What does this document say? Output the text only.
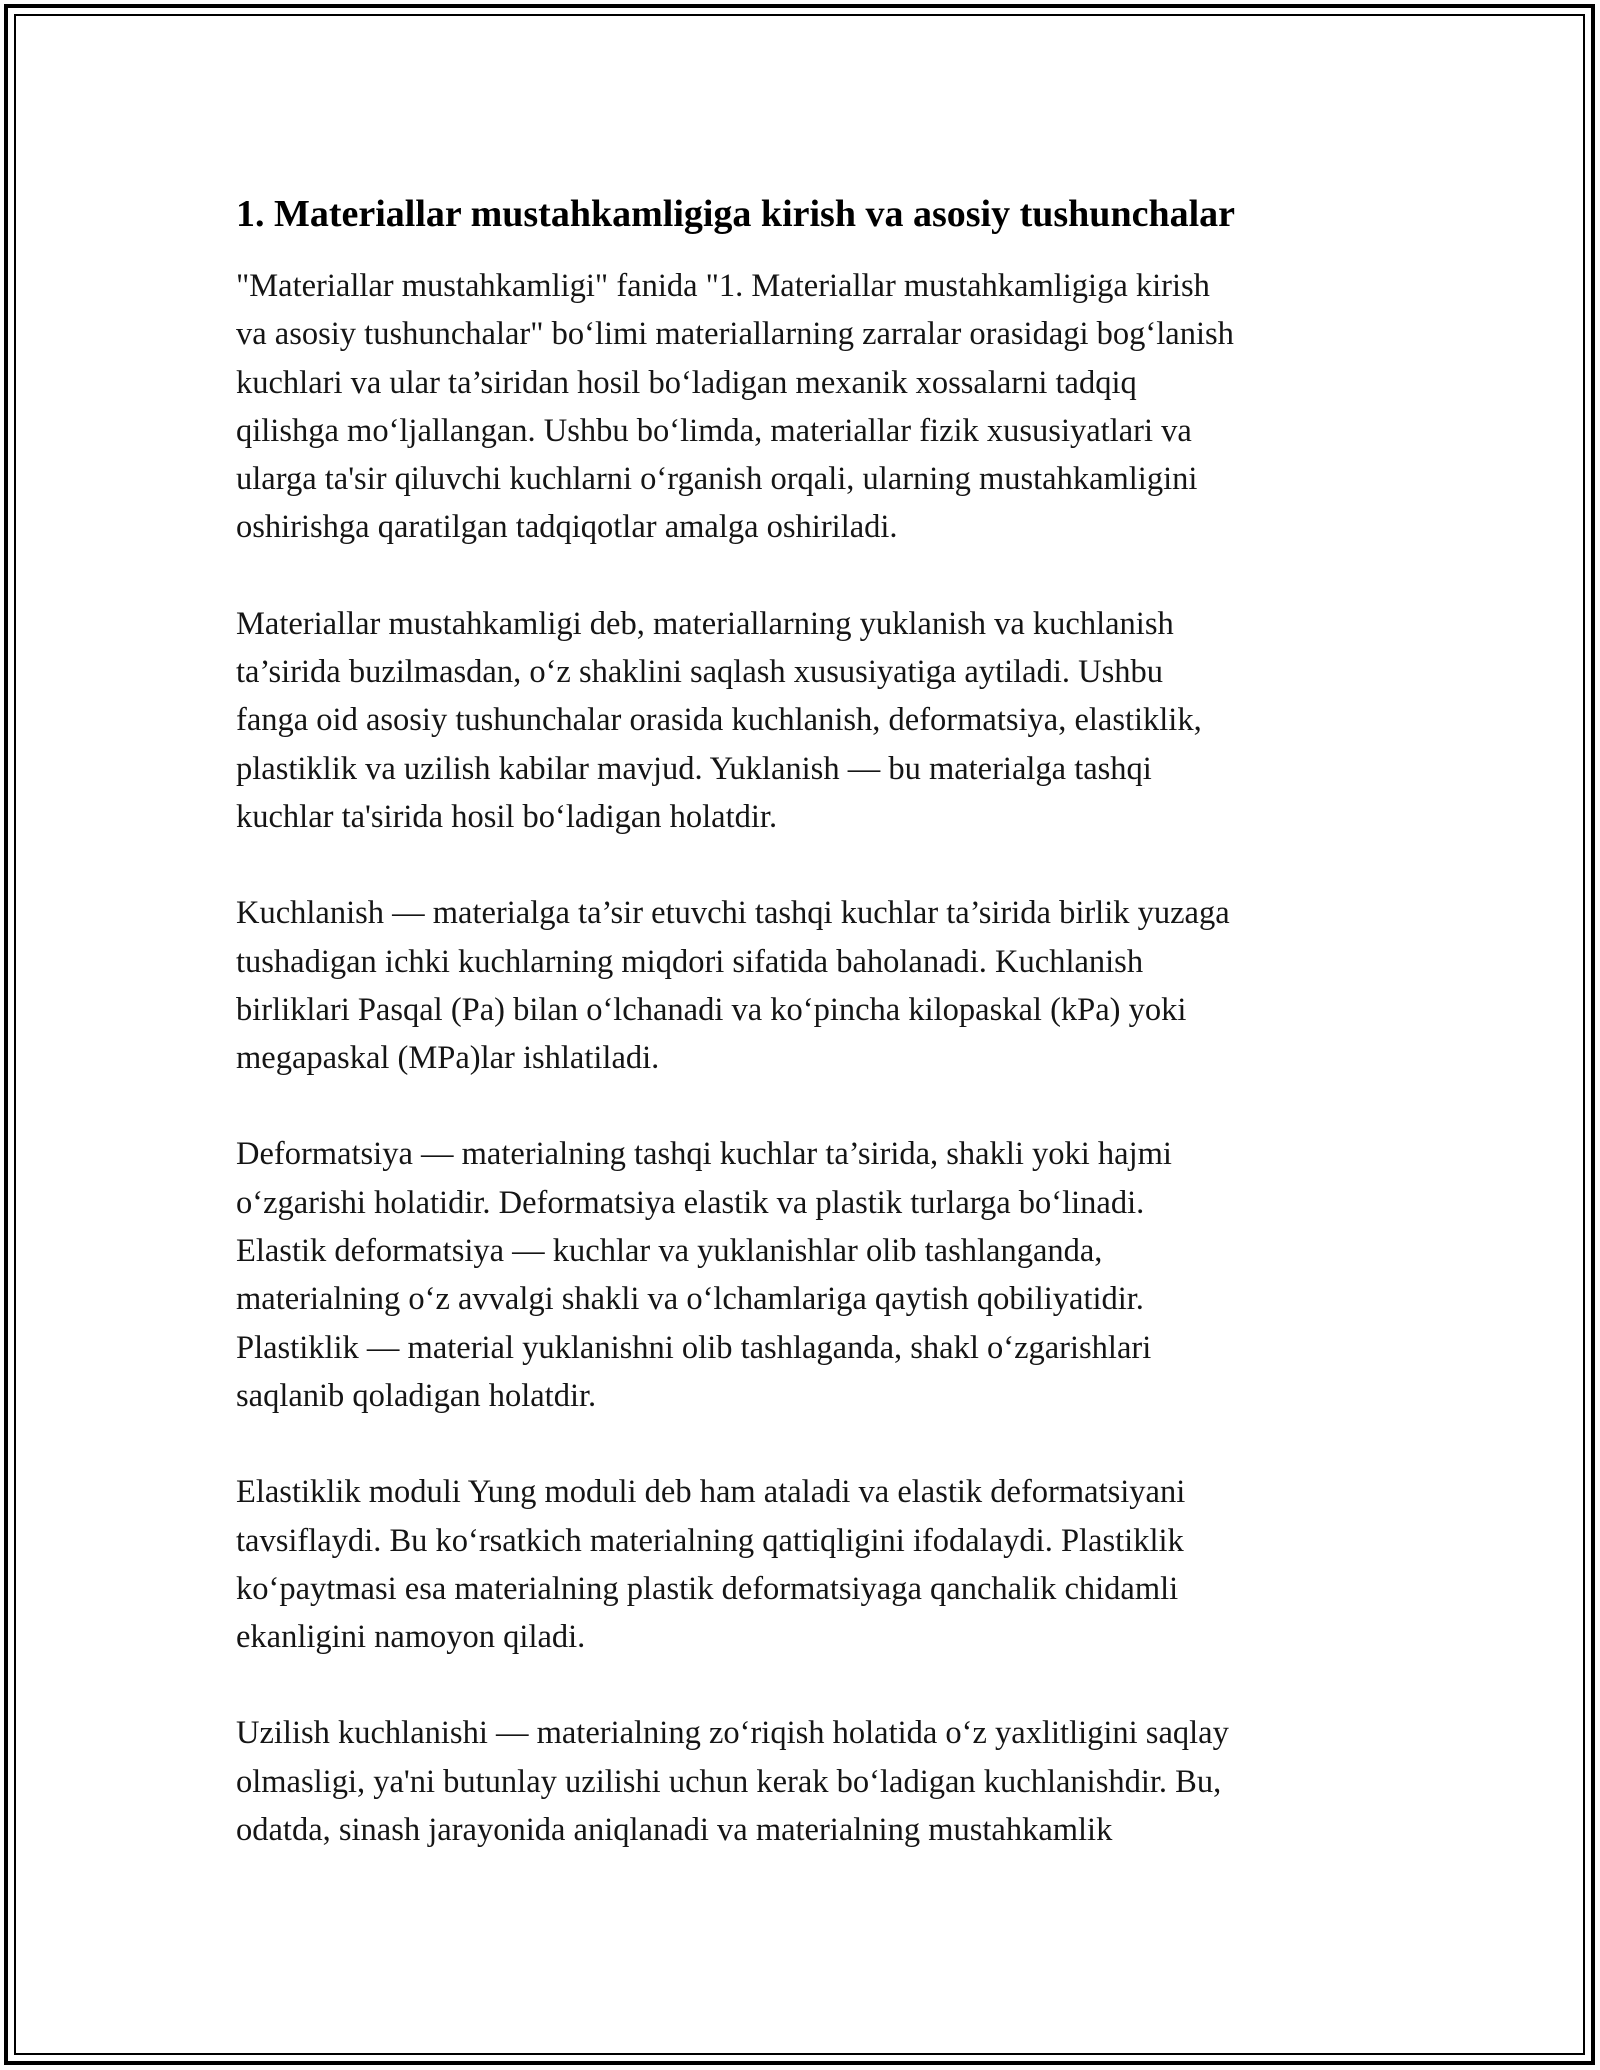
1. Materiallar mustahkamligiga kirish va asosiy tushunchalar

"Materiallar mustahkamligi" fanida "1. Materiallar mustahkamligiga kirish
va asosiy tushunchalar" bo‘limi materiallarning zarralar orasidagi bog‘lanish
kuchlari va ular ta’siridan hosil bo‘ladigan mexanik xossalarni tadqiq
qilishga mo‘ljallangan. Ushbu bo‘limda, materiallar fizik xususiyatlari va
ularga ta'sir qiluvchi kuchlarni o‘rganish orqali, ularning mustahkamligini
oshirishga qaratilgan tadqiqotlar amalga oshiriladi.

Materiallar mustahkamligi deb, materiallarning yuklanish va kuchlanish
ta’sirida buzilmasdan, o‘z shaklini saqlash xususiyatiga aytiladi. Ushbu
fanga oid asosiy tushunchalar orasida kuchlanish, deformatsiya, elastiklik,
plastiklik va uzilish kabilar mavjud. Yuklanish — bu materialga tashqi
kuchlar ta'sirida hosil bo‘ladigan holatdir.

Kuchlanish — materialga ta’sir etuvchi tashqi kuchlar ta’sirida birlik yuzaga
tushadigan ichki kuchlarning miqdori sifatida baholanadi. Kuchlanish
birliklari Pasqal (Pa) bilan o‘lchanadi va ko‘pincha kilopaskal (kPa) yoki
megapaskal (MPa)lar ishlatiladi.

Deformatsiya — materialning tashqi kuchlar ta’sirida, shakli yoki hajmi
o‘zgarishi holatidir. Deformatsiya elastik va plastik turlarga bo‘linadi.
Elastik deformatsiya — kuchlar va yuklanishlar olib tashlanganda,
materialning o‘z avvalgi shakli va o‘lchamlariga qaytish qobiliyatidir.
Plastiklik — material yuklanishni olib tashlaganda, shakl o‘zgarishlari
saqlanib qoladigan holatdir.

Elastiklik moduli Yung moduli deb ham ataladi va elastik deformatsiyani
tavsiflaydi. Bu ko‘rsatkich materialning qattiqligini ifodalaydi. Plastiklik
ko‘paytmasi esa materialning plastik deformatsiyaga qanchalik chidamli
ekanligini namoyon qiladi.

Uzilish kuchlanishi — materialning zo‘riqish holatida o‘z yaxlitligini saqlay
olmasligi, ya'ni butunlay uzilishi uchun kerak bo‘ladigan kuchlanishdir. Bu,
odatda, sinash jarayonida aniqlanadi va materialning mustahkamlik
